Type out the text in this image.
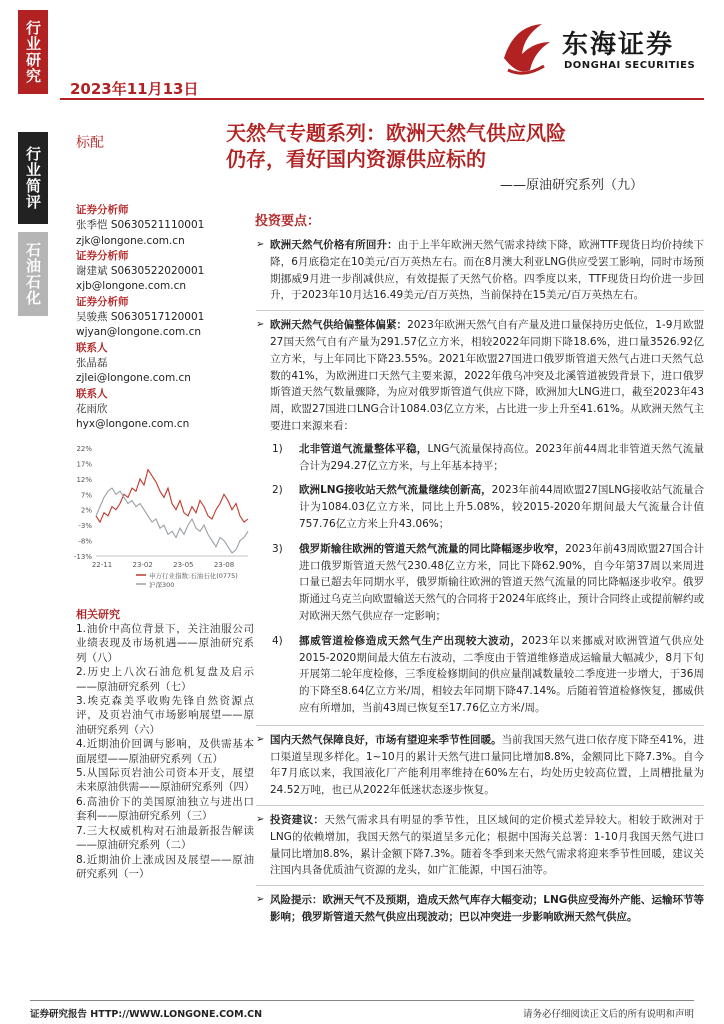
行业研究
行业简评
石油石化
2023年11月13日
东海证券
DONGHAI SECURITIES
标配	天然气专题系列：欧洲天然气供应风险
仍存，看好国内资源供应标的
——原油研究系列（九）
证券分析师
张季恺 S0630521110001
zjk@longone.com.cn
证券分析师
谢建斌 S0630522020001
xjb@longone.com.cn
证券分析师
吴骏燕 S0630517120001
wjyan@longone.com.cn
联系人
张晶磊
zjlei@longone.com.cn
联系人
花雨欣
hyx@longone.com.cn
22%
17%
12%
7%
2%
-3%
-8%
-13%
22-11	23-02	23-05	23-08
申万行业指数:石油石化(0775)
沪深300
相关研究
1.油价中高位背景下，关注油服公司业绩表现及市场机遇——原油研究系列（八）
2.历史上八次石油危机复盘及启示——原油研究系列（七）
3.埃克森美孚收购先锋自然资源点评，及页岩油气市场影响展望——原油研究系列（六）
4.近期油价回调与影响，及供需基本面展望——原油研究系列（五）
5.从国际页岩油公司资本开支，展望未来原油供需——原油研究系列（四）
6.高油价下的美国原油独立与进出口套利——原油研究系列（三）
7.三大权威机构对石油最新报告解读——原油研究系列（二）
8.近期油价上涨成因及展望——原油研究系列（一）
投资要点：
➢ 欧洲天然气价格有所回升：由于上半年欧洲天然气需求持续下降，欧洲TTF现货日均价持续下降，6月底稳定在10美元/百万英热左右。而在8月澳大利亚LNG供应受罢工影响，同时市场预期挪威9月进一步削减供应，有效提振了天然气价格。四季度以来，TTF现货日均价进一步回升，于2023年10月达16.49美元/百万英热，当前保持在15美元/百万英热左右。
➢ 欧洲天然气供给偏整体偏紧：2023年欧洲天然气自有产量及进口量保持历史低位，1-9月欧盟27国天然气自有产量为291.57亿立方米，相较2022年同期下降18.6%，进口量3526.92亿立方米，与上年同比下降23.55%。2021年欧盟27国进口俄罗斯管道天然气占进口天然气总数的41%，为欧洲进口天然气主要来源，2022年俄乌冲突及北溪管道被毁背景下，进口俄罗斯管道天然气数量骤降，为应对俄罗斯管道气供应下降，欧洲加大LNG进口，截至2023年43周，欧盟27国进口LNG合计1084.03亿立方米，占比进一步上升至41.61%。从欧洲天然气主要进口来源来看：
1) 北非管道气流量整体平稳，LNG气流量保持高位。2023年前44周北非管道天然气流量合计为294.27亿立方米，与上年基本持平；
2) 欧洲LNG接收站天然气流量继续创新高，2023年前44周欧盟27国LNG接收站气流量合计为1084.03亿立方米，同比上升5.08%，较2015-2020年期间最大气流量合计值757.76亿立方米上升43.06%；
3) 俄罗斯输往欧洲的管道天然气流量的同比降幅逐步收窄，2023年前43周欧盟27国合计进口俄罗斯管道天然气230.48亿立方米，同比下降62.90%，自今年第37周以来周进口量已超去年同期水平，俄罗斯输往欧洲的管道天然气流量的同比降幅逐步收窄。俄罗斯通过乌克兰向欧盟输送天然气的合同将于2024年底终止，预计合同终止或提前解约或对欧洲天然气供应存一定影响；
4) 挪威管道检修造成天然气生产出现较大波动，2023年以来挪威对欧洲管道气供应处2015-2020期间最大值左右波动，二季度由于管道维修造成运输量大幅减少，8月下旬开展第二轮年度检修，三季度检修期间的供应量削减数量较二季度进一步增大，于36周的下降至8.64亿立方米/周，相较去年同期下降47.14%。后随着管道检修恢复，挪威供应有所增加，当前43周已恢复至17.76亿立方米/周。
➢ 国内天然气保障良好，市场有望迎来季节性回暖。当前我国天然气进口依存度下降至41%，进口渠道呈现多样化。1~10月的累计天然气进口量同比增加8.8%，金额同比下降7.3%。自今年7月底以来，我国液化厂产能利用率维持在60%左右，均处历史较高位置，上周槽批量为24.52万吨，也已从2022年低迷状态逐步恢复。
➢ 投资建议：天然气需求具有明显的季节性，且区域间的定价模式差异较大。相较于欧洲对于LNG的依赖增加，我国天然气的渠道呈多元化；根据中国海关总署：1-10月我国天然气进口量同比增加8.8%，累计金额下降7.3%。随着冬季到来天然气需求将迎来季节性回暖，建议关注国内具备优质油气资源的龙头，如广汇能源，中国石油等。
➢ 风险提示：欧洲天气不及预期，造成天然气库存大幅变动；LNG供应受海外产能、运输环节等影响；俄罗斯管道天然气供应出现波动；巴以冲突进一步影响欧洲天然气供应。
证券研究报告 HTTP://WWW.LONGONE.COM.CN	请务必仔细阅读正文后的所有说明和声明
